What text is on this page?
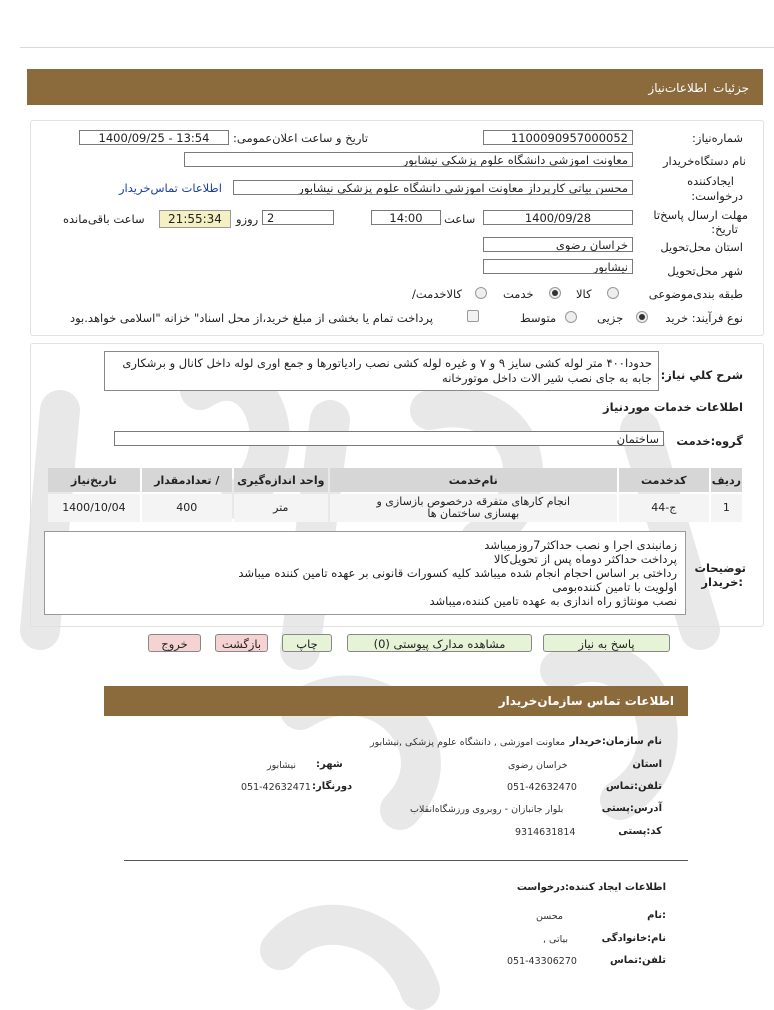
جزئیات
اطلاعات‌نیاز
شماره‌نیاز:
1100090957000052
تاریخ و ساعت اعلان‌عمومی:
1400/09/25 - 13:54
نام دستگاه‌خریدار
معاونت اموزشی دانشگاه علوم پزشکی نیشابور
ایجادکننده
درخواست:
محسن بیاتی کارپرداز معاونت اموزشی دانشگاه علوم پزشکی نیشابور
اطلاعات تماس‌خریدار
مهلت ارسال پاسخ‌تا
تاریخ:
1400/09/28
ساعت
14:00
2
روزو
21:55:34
ساعت باقی‌مانده
استان محل‌تحویل
خراسان رضوی
شهر محل‌تحویل
نیشابور
طبقه بندی‌موضوعی
کالا
خدمت
کالاخدمت/
نوع فرآیند: خرید
جزیی
متوسط
پرداخت تمام یا بخشی از مبلغ خرید،از محل اسناد" خزانه "اسلامی خواهد.بود
شرح کلي نیاز:
حدودا۴۰۰ متر لوله کشی سایز ۹ و ۷ و غیره لوله کشی نصب رادیاتورها و جمع اوری لوله داخل کانال و برشکاری جابه به جای نصب شیر الات داخل موتورخانه
اطلاعات خدمات موردنیاز
گروه:خدمت
ساختمان
ردیف	کدخدمت	نام‌خدمت	واحد اندازه‌گیری	/ تعدادمقدار	تاریخ‌نیاز
1	ج-44	انجام کارهای متفرقه درخصوص بازسازی و
بهسازی ساختمان ها	متر	400	1400/10/04
توضیحات
:خریدار
زمانبندی اجرا و نصب حداکثر7روزمیباشد
پرداخت حداکثر دوماه پس از تحویل‌کالا
رداختی بر اساس احجام انجام شده میباشد کلیه کسورات قانونی بر عهده تامین کننده میباشد
اولویت با تامین کننده‌بومی
نصب مونتاژو راه اندازی به عهده تامین کننده،میباشد
پاسخ به نیاز
مشاهده مدارک پیوستی (0)
چاپ
بازگشت
خروج
اطلاعات تماس سازمان‌خریدار
نام سازمان:خریدار
معاونت اموزشی , دانشگاه علوم پزشکی ,نیشابور
استان
خراسان رضوی
شهر:
نیشابور
تلفن:تماس
051-42632470
دورنگار:
051-42632471
آدرس:پستی
بلوار جانبازان - روبروی ورزشگاه‌انقلاب
کد:پستی
9314631814
اطلاعات ایجاد کننده:درخواست
:نام
محسن
نام:خانوادگی
بیاتی ,
تلفن:تماس
051-43306270
